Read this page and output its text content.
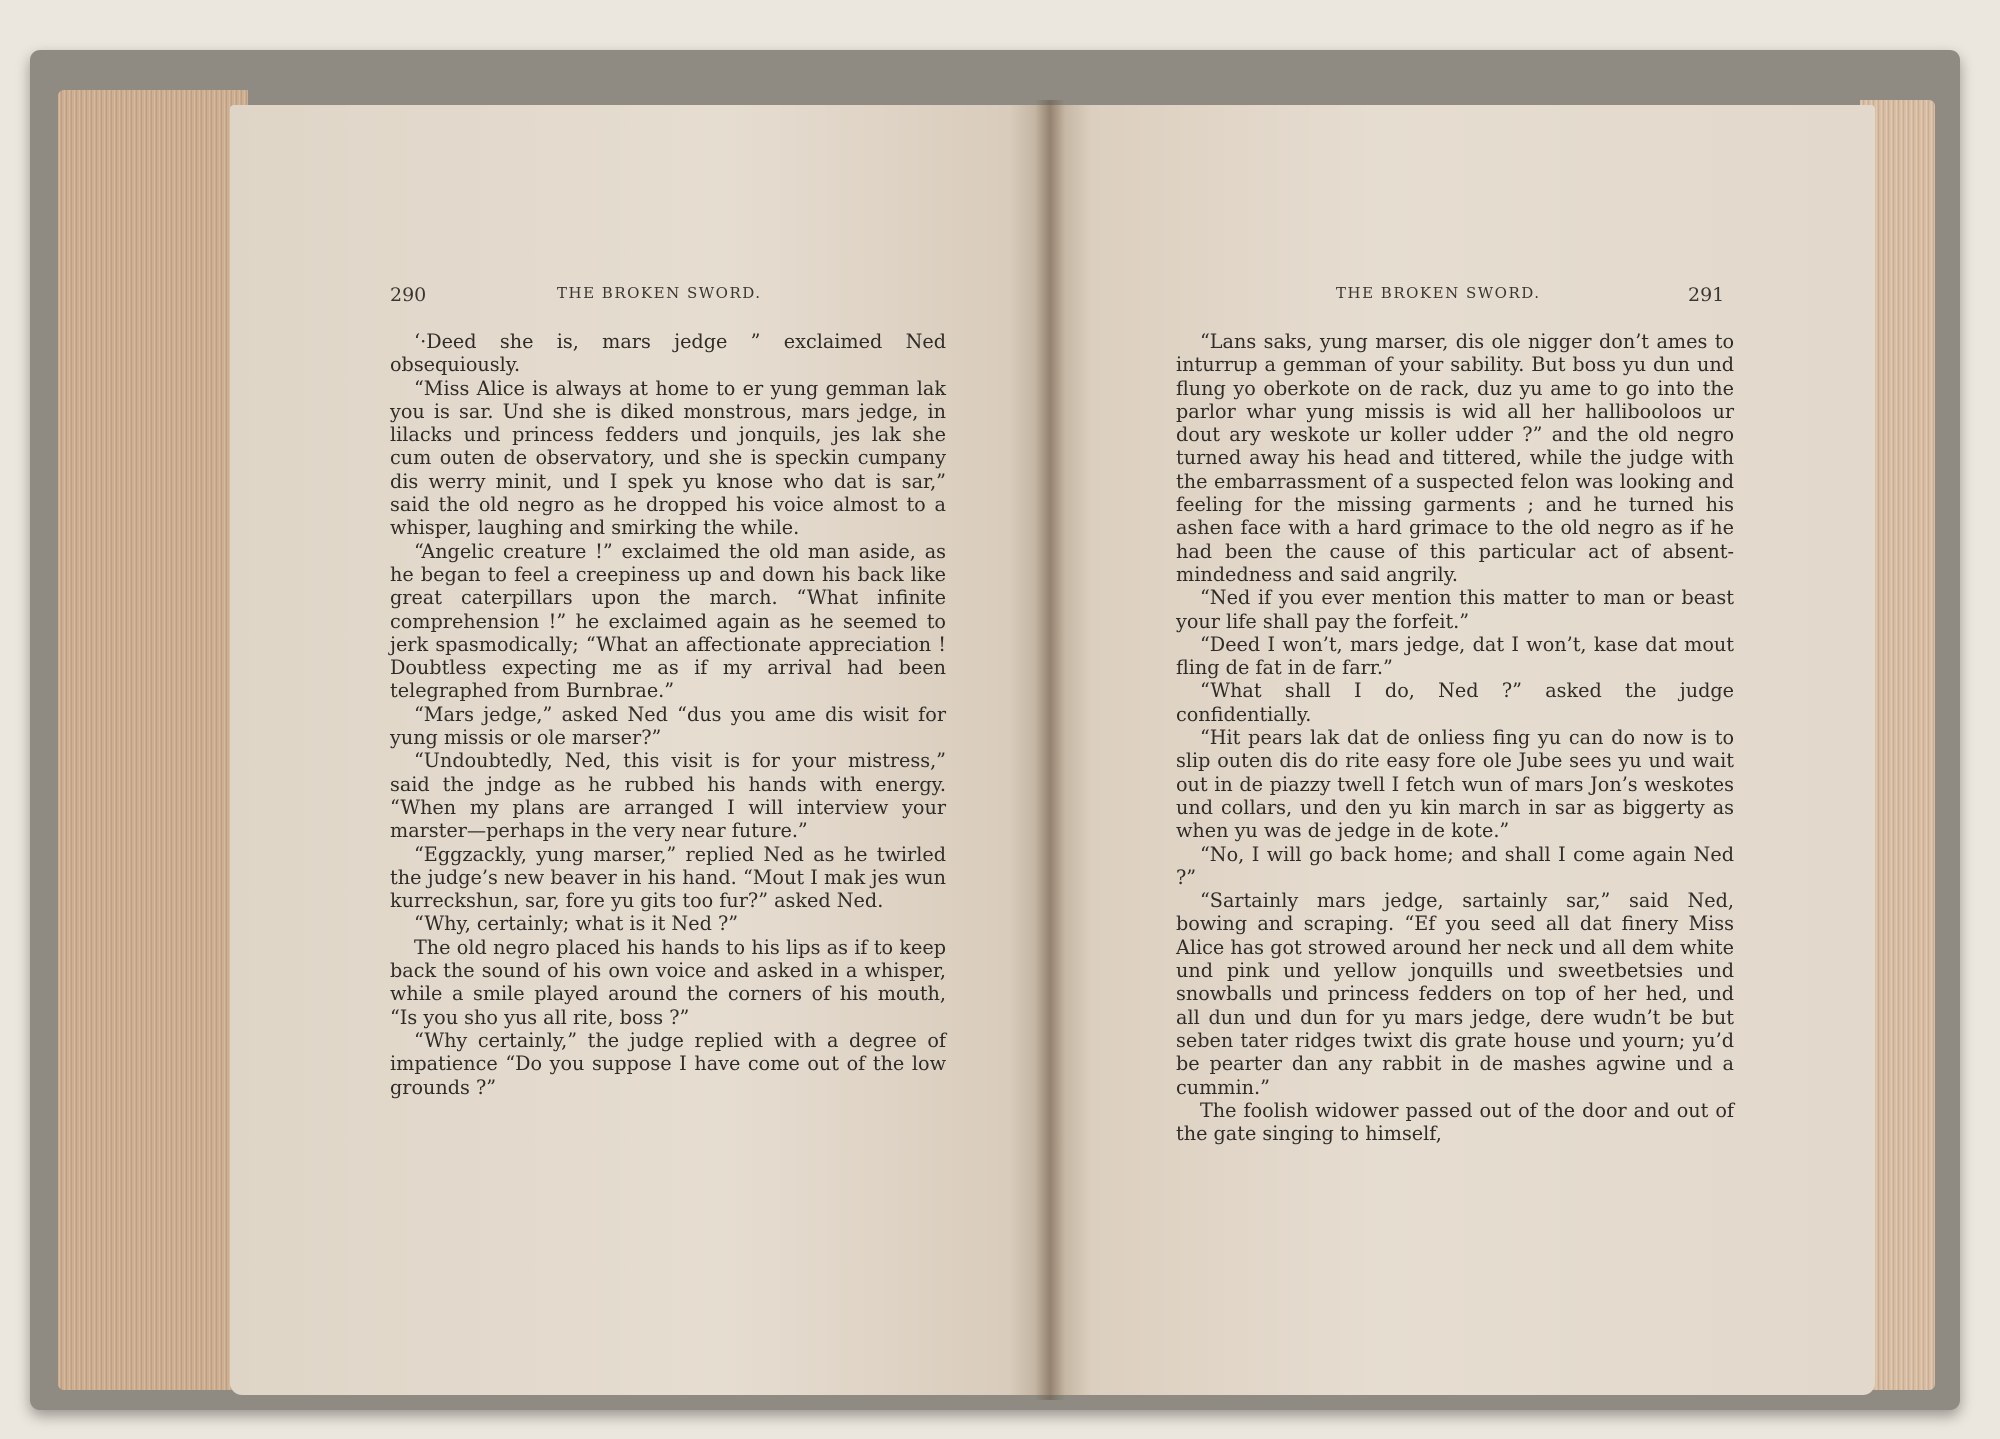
290	THE BROKEN SWORD.	THE BROKEN SWORD.	291

‘·Deed she is, mars jedge ” exclaimed Ned obsequiously.

“Miss Alice is always at home to er yung gemman lak you is sar. Und she is diked monstrous, mars jedge, in lilacks und princess fedders und jonquils, jes lak she cum outen de observatory, und she is speckin cumpany dis werry minit, und I spek yu knose who dat is sar,” said the old negro as he dropped his voice almost to a whisper, laughing and smirking the while.

“Angelic creature !” exclaimed the old man aside, as he began to feel a creepiness up and down his back like great caterpillars upon the march. “What infinite comprehension !” he exclaimed again as he seemed to jerk spasmodically; “What an affectionate appreciation ! Doubtless expecting me as if my arrival had been telegraphed from Burnbrae.”

“Mars jedge,” asked Ned “dus you ame dis wisit for yung missis or ole marser?”

“Undoubtedly, Ned, this visit is for your mistress,” said the jndge as he rubbed his hands with energy. “When my plans are arranged I will interview your marster—perhaps in the very near future.”

“Eggzackly, yung marser,” replied Ned as he twirled the judge’s new beaver in his hand. “Mout I mak jes wun kurreckshun, sar, fore yu gits too fur?” asked Ned.

“Why, certainly; what is it Ned ?”

The old negro placed his hands to his lips as if to keep back the sound of his own voice and asked in a whisper, while a smile played around the corners of his mouth, “Is you sho yus all rite, boss ?”

“Why certainly,” the judge replied with a degree of impatience “Do you suppose I have come out of the low grounds ?”

“Lans saks, yung marser, dis ole nigger don’t ames to inturrup a gemman of your sability. But boss yu dun und flung yo oberkote on de rack, duz yu ame to go into the parlor whar yung missis is wid all her hallibooloos ur dout ary weskote ur koller udder ?” and the old negro turned away his head and tittered, while the judge with the embarrassment of a suspected felon was looking and feeling for the missing garments ; and he turned his ashen face with a hard grimace to the old negro as if he had been the cause of this particular act of absent-mindedness and said angrily.

“Ned if you ever mention this matter to man or beast your life shall pay the forfeit.”

“Deed I won’t, mars jedge, dat I won’t, kase dat mout fling de fat in de farr.”

“What shall I do, Ned ?” asked the judge confidentially.

“Hit pears lak dat de onliess fing yu can do now is to slip outen dis do rite easy fore ole Jube sees yu und wait out in de piazzy twell I fetch wun of mars Jon’s weskotes und collars, und den yu kin march in sar as biggerty as when yu was de jedge in de kote.”

“No, I will go back home; and shall I come again Ned ?”

“Sartainly mars jedge, sartainly sar,” said Ned, bowing and scraping. “Ef you seed all dat finery Miss Alice has got strowed around her neck und all dem white und pink und yellow jonquills und sweetbetsies und snowballs und princess fedders on top of her hed, und all dun und dun for yu mars jedge, dere wudn’t be but seben tater ridges twixt dis grate house und yourn; yu’d be pearter dan any rabbit in de mashes agwine und a cummin.”

The foolish widower passed out of the door and out of the gate singing to himself,
